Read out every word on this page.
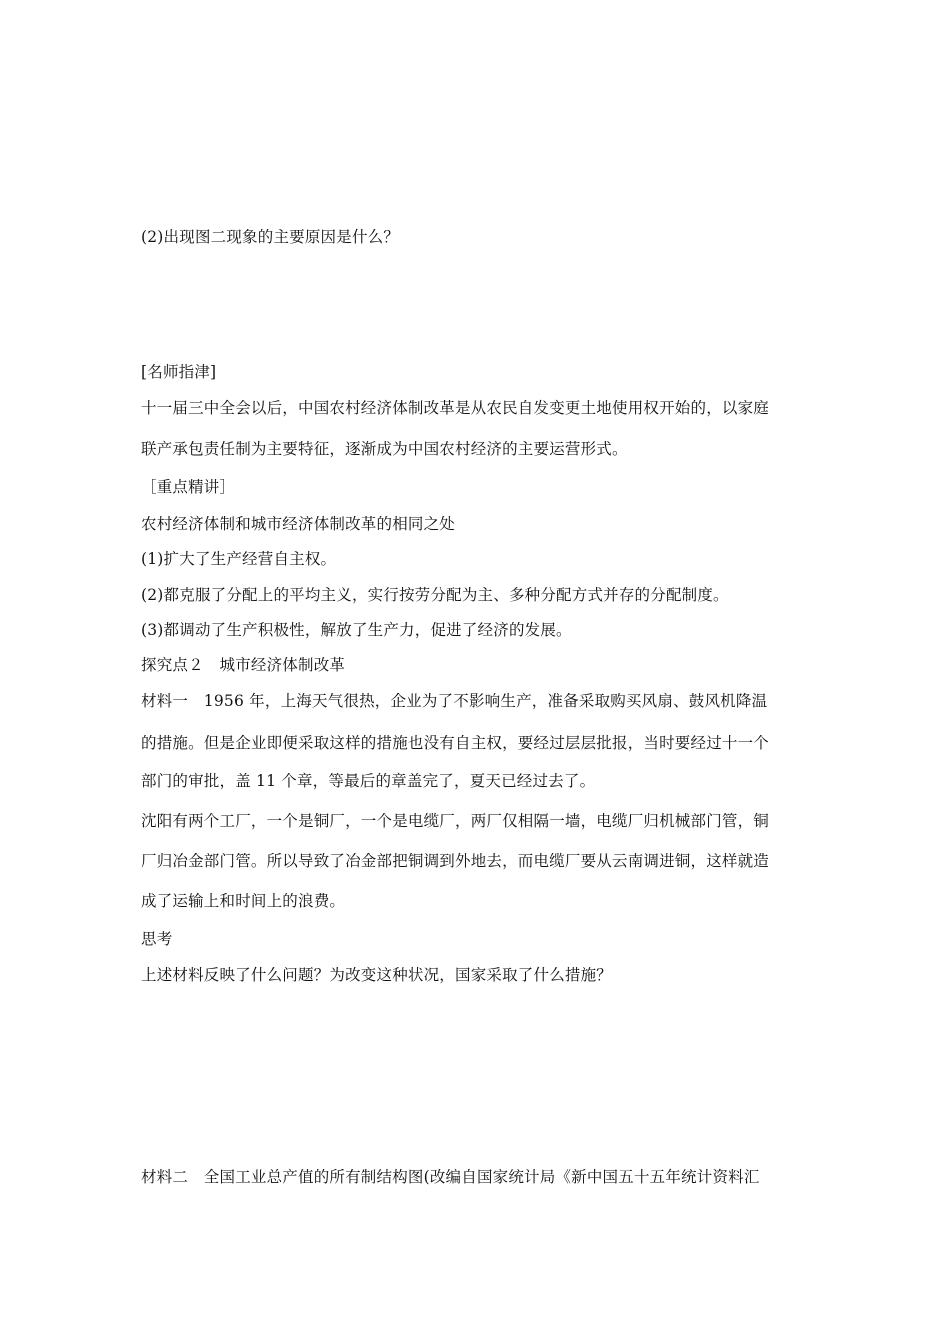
(2)出现图二现象的主要原因是什么？
[名师指津]
十一届三中全会以后，中国农村经济体制改革是从农民自发变更土地使用权开始的，以家庭
联产承包责任制为主要特征，逐渐成为中国农村经济的主要运营形式。
［重点精讲］
农村经济体制和城市经济体制改革的相同之处
(1)扩大了生产经营自主权。
(2)都克服了分配上的平均主义，实行按劳分配为主、多种分配方式并存的分配制度。
(3)都调动了生产积极性，解放了生产力，促进了经济的发展。
探究点２　城市经济体制改革
材料一　1956 年，上海天气很热，企业为了不影响生产，准备采取购买风扇、鼓风机降温
的措施。但是企业即便采取这样的措施也没有自主权，要经过层层批报，当时要经过十一个
部门的审批，盖 11 个章，等最后的章盖完了，夏天已经过去了。
沈阳有两个工厂，一个是铜厂，一个是电缆厂，两厂仅相隔一墙，电缆厂归机械部门管，铜
厂归冶金部门管。所以导致了冶金部把铜调到外地去，而电缆厂要从云南调进铜，这样就造
成了运输上和时间上的浪费。
思考
上述材料反映了什么问题？为改变这种状况，国家采取了什么措施？
材料二　全国工业总产值的所有制结构图(改编自国家统计局《新中国五十五年统计资料汇
